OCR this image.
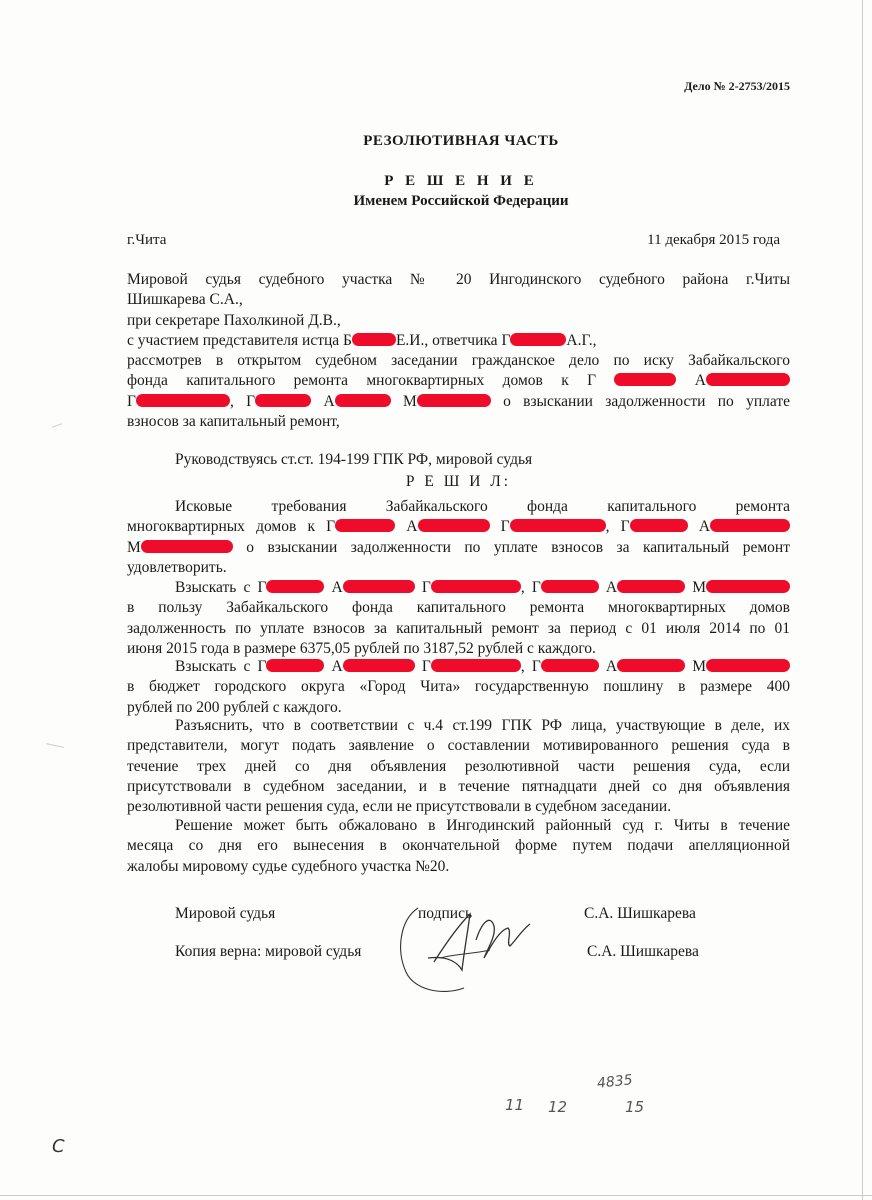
Дело № 2-2753/2015
РЕЗОЛЮТИВНАЯ ЧАСТЬ
Р Е Ш Е Н И Е
Именем Российской Федерации
г.Чита	11 декабря 2015 года
Мировой судья судебного участка № 20 Ингодинского судебного района г.Читы
Шишкарева С.А.,
при секретаре Пахолкиной Д.В.,
с участием представителя истца Б	Е.И., ответчика Г	А.Г.,
рассмотрев в открытом судебном заседании гражданское дело по иску Забайкальского
фонда капитального ремонта многоквартирных домов к Г	А
Г	, Г	А	М	о взыскании задолженности по уплате
взносов за капитальный ремонт,
Руководствуясь ст.ст. 194-199 ГПК РФ, мировой судья
Р Е Ш И Л:
Исковые требования Забайкальского фонда капитального ремонта
многоквартирных домов к Г	А	Г	, Г	А
М	о взыскании задолженности по уплате взносов за капитальный ремонт
удовлетворить.
Взыскать с Г	А	Г	, Г	А	М
в пользу Забайкальского фонда капитального ремонта многоквартирных домов
задолженность по уплате взносов за капитальный ремонт за период с 01 июля 2014 по 01
июня 2015 года в размере 6375,05 рублей по 3187,52 рублей с каждого.
Взыскать с Г	А	Г	, Г	А	М
в бюджет городского округа «Город Чита» государственную пошлину в размере 400
рублей по 200 рублей с каждого.
Разъяснить, что в соответствии с ч.4 ст.199 ГПК РФ лица, участвующие в деле, их
представители, могут подать заявление о составлении мотивированного решения суда в
течение трех дней со дня объявления резолютивной части решения суда, если
присутствовали в судебном заседании, и в течение пятнадцати дней со дня объявления
резолютивной части решения суда, если не присутствовали в судебном заседании.
Решение может быть обжаловано в Ингодинский районный суд г. Читы в течение
месяца со дня его вынесения в окончательной форме путем подачи апелляционной
жалобы мировому судье судебного участка №20.
Мировой судья	подпись	С.А. Шишкарева
Копия верна: мировой судья	С.А. Шишкарева
11 12
4835
15
С
